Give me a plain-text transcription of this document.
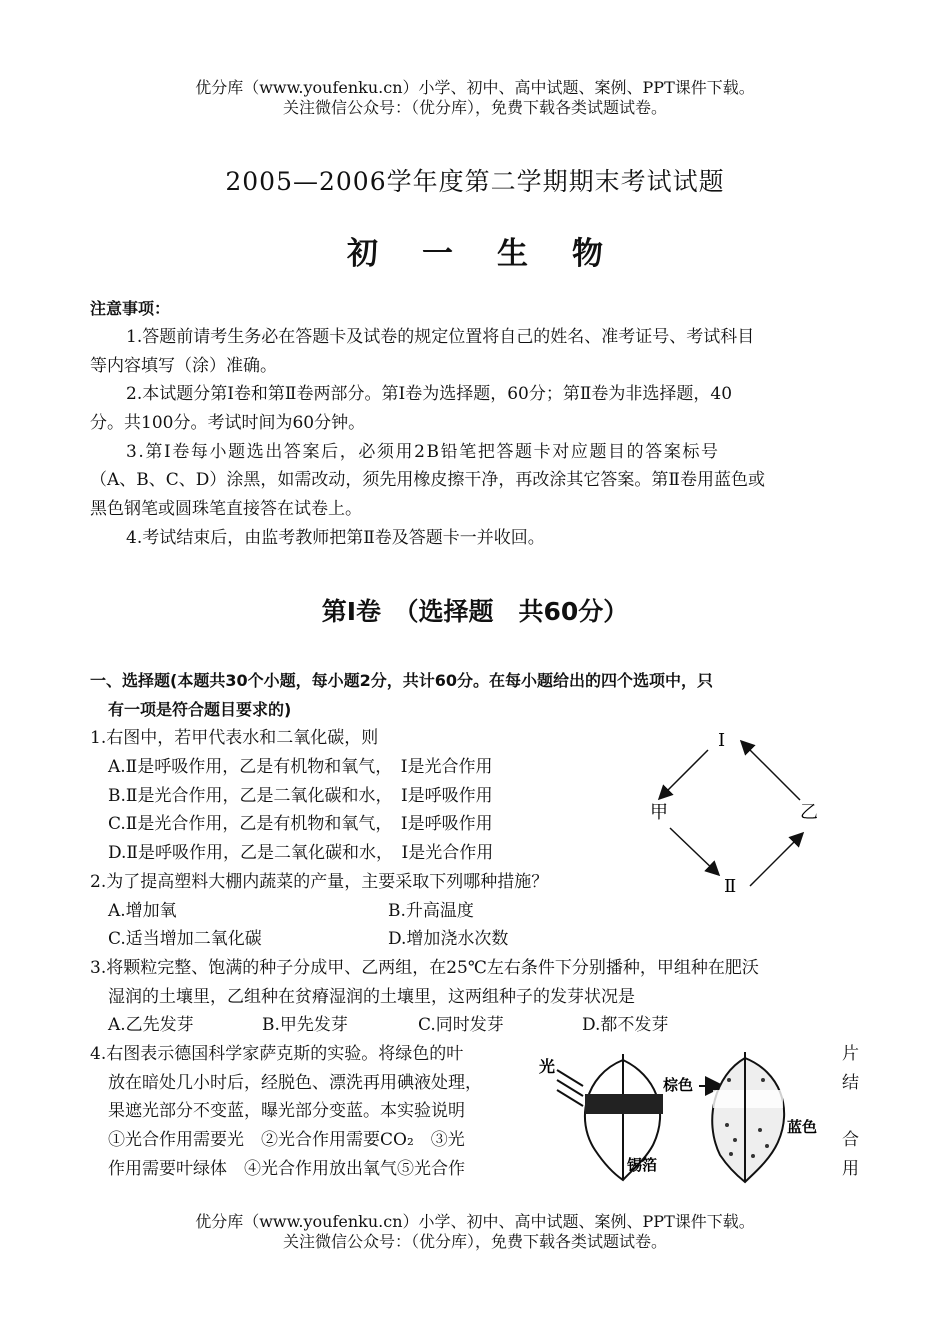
优分库（www.youfenku.cn）小学、初中、高中试题、案例、PPT课件下载。
关注微信公众号：（优分库），免费下载各类试题试卷。
2005—2006学年度第二学期期末考试试题
初 一 生 物
注意事项：
1.答题前请考生务必在答题卡及试卷的规定位置将自己的姓名、准考证号、考试科目
等内容填写（涂）准确。
2.本试题分第Ⅰ卷和第Ⅱ卷两部分。第Ⅰ卷为选择题，60分；第Ⅱ卷为非选择题，40
分。共100分。考试时间为60分钟。
3.第Ⅰ卷每小题选出答案后，必须用2B铅笔把答题卡对应题目的答案标号
（A、B、C、D）涂黑，如需改动，须先用橡皮擦干净，再改涂其它答案。第Ⅱ卷用蓝色或
黑色钢笔或圆珠笔直接答在试卷上。
4.考试结束后，由监考教师把第Ⅱ卷及答题卡一并收回。
第Ⅰ卷　（选择题　共60分）
一、选择题(本题共30个小题，每小题2分，共计60分。在每小题给出的四个选项中，只
有一项是符合题目要求的)
1.右图中，若甲代表水和二氧化碳，则
A.Ⅱ是呼吸作用，乙是有机物和氧气，　Ⅰ是光合作用
B.Ⅱ是光合作用，乙是二氧化碳和水，　Ⅰ是呼吸作用
C.Ⅱ是光合作用，乙是有机物和氧气，　Ⅰ是呼吸作用
D.Ⅱ是呼吸作用，乙是二氧化碳和水，　Ⅰ是光合作用
Ⅰ
甲	乙
Ⅱ
2.为了提高塑料大棚内蔬菜的产量，主要采取下列哪种措施？
A.增加氧	B.升高温度
C.适当增加二氧化碳	D.增加浇水次数
3.将颗粒完整、饱满的种子分成甲、乙两组，在25℃左右条件下分别播种，甲组种在肥沃
湿润的土壤里，乙组种在贫瘠湿润的土壤里，这两组种子的发芽状况是
A.乙先发芽	B.甲先发芽	C.同时发芽	D.都不发芽
4.右图表示德国科学家萨克斯的实验。将绿色的叶
放在暗处几小时后，经脱色、漂洗再用碘液处理，
果遮光部分不变蓝，曝光部分变蓝。本实验说明
①光合作用需要光　②光合作用需要CO₂　③光
作用需要叶绿体　④光合作用放出氧气⑤光合作
片
结
合
用
光
锡箔
棕色
蓝色
优分库（www.youfenku.cn）小学、初中、高中试题、案例、PPT课件下载。
关注微信公众号：（优分库），免费下载各类试题试卷。
